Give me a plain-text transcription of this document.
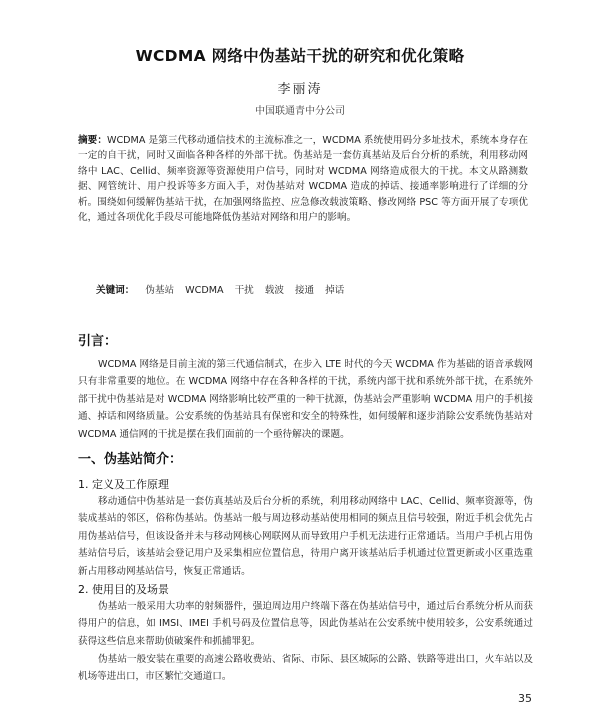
WCDMA 网络中伪基站干扰的研究和优化策略
李丽涛
中国联通青中分公司
摘要：WCDMA 是第三代移动通信技术的主流标准之一，WCDMA 系统使用码分多址技术，系统本身存在一定的自干扰，同时又面临各种各样的外部干扰。伪基站是一套仿真基站及后台分析的系统，利用移动网络中 LAC、Cellid、频率资源等资源使用户信号，同时对 WCDMA 网络造成很大的干扰。本文从路测数据、网管统计、用户投诉等多方面入手，对伪基站对 WCDMA 造成的掉话、接通率影响进行了详细的分析。围绕如何缓解伪基站干扰，在加强网络监控、应急修改载波策略、修改网络 PSC 等方面开展了专项优化，通过各项优化手段尽可能地降低伪基站对网络和用户的影响。
关键词： 伪基站 WCDMA 干扰 载波 接通 掉话
引言：
WCDMA 网络是目前主流的第三代通信制式，在步入 LTE 时代的今天 WCDMA 作为基础的语音承载网只有非常重要的地位。在 WCDMA 网络中存在各种各样的干扰，系统内部干扰和系统外部干扰，在系统外部干扰中伪基站是对 WCDMA 网络影响比较严重的一种干扰源，伪基站会严重影响 WCDMA 用户的手机接通、掉话和网络质量。公安系统的伪基站具有保密和安全的特殊性，如何缓解和逐步消除公安系统伪基站对 WCDMA 通信网的干扰是摆在我们面前的一个亟待解决的课题。
一、伪基站简介：
1. 定义及工作原理
移动通信中伪基站是一套仿真基站及后台分析的系统，利用移动网络中 LAC、Cellid、频率资源等，伪装成基站的邻区，俗称伪基站。伪基站一般与周边移动基站使用相同的频点且信号较强，附近手机会优先占用伪基站信号，但该设备并未与移动网核心网联网从而导致用户手机无法进行正常通话。当用户手机占用伪基站信号后，该基站会登记用户及采集相应位置信息，待用户离开该基站后手机通过位置更新或小区重选重新占用移动网基站信号，恢复正常通话。
2. 使用目的及场景
伪基站一般采用大功率的射频器件，强迫周边用户终端下落在伪基站信号中，通过后台系统分析从而获得用户的信息，如 IMSI、IMEI 手机号码及位置信息等，因此伪基站在公安系统中使用较多，公安系统通过获得这些信息来帮助侦破案件和抓捕罪犯。
伪基站一般安装在重要的高速公路收费站、省际、市际、县区城际的公路、铁路等进出口，火车站以及机场等进出口，市区繁忙交通道口。
35
